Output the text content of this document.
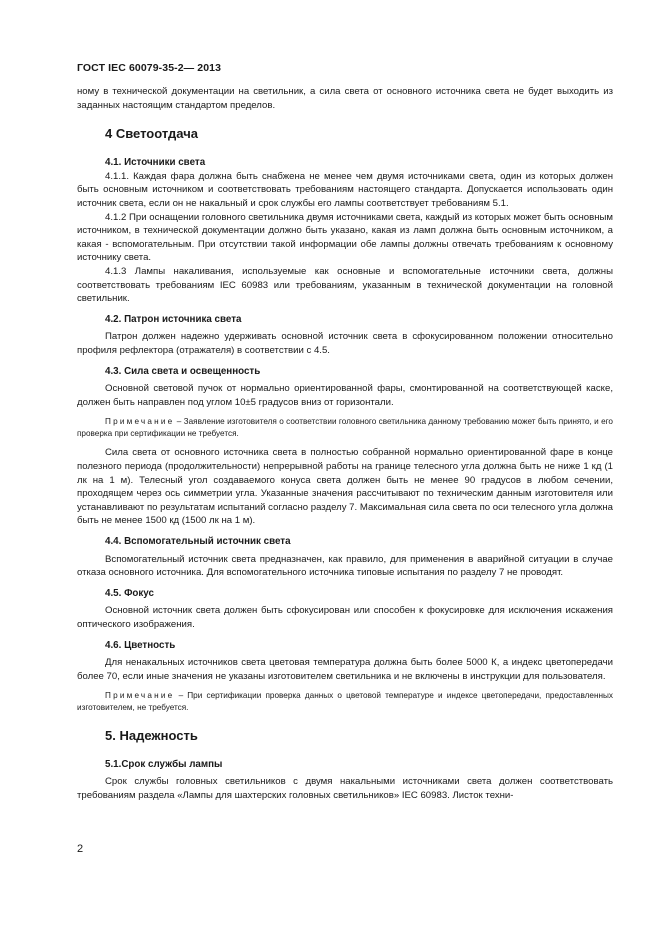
ГОСТ IEC 60079-35-2— 2013

ному в технической документации на светильник, а сила света от основного источника света не будет выходить из заданных настоящим стандартом пределов.

4 Светоотдача
4.1. Источники света

4.1.1. Каждая фара должна быть снабжена не менее чем двумя источниками света, один из которых должен быть основным источником и соответствовать требованиям настоящего стандарта. Допускается использовать один источник света, если он не накальный и срок службы его лампы соответствует требованиям 5.1.

4.1.2 При оснащении головного светильника двумя источниками света, каждый из которых может быть основным источником, в технической документации должно быть указано, какая из ламп должна быть основным источником, а какая - вспомогательным. При отсутствии такой информации обе лампы должны отвечать требованиям к основному источнику света.

4.1.3 Лампы накаливания, используемые как основные и вспомогательные источники света, должны соответствовать требованиям IEC 60983 или требованиям, указанным в технической документации на головной светильник.

4.2. Патрон источника света

Патрон должен надежно удерживать основной источник света в сфокусированном положении относительно профиля рефлектора (отражателя) в соответствии с 4.5.

4.3. Сила света и освещенность

Основной световой пучок от нормально ориентированной фары, смонтированной на соответствующей каске, должен быть направлен под углом 10±5 градусов вниз от горизонтали.

Примечание – Заявление изготовителя о соответствии головного светильника данному требованию может быть принято, и его проверка при сертификации не требуется.

Сила света от основного источника света в полностью собранной нормально ориентированной фаре в конце полезного периода (продолжительности) непрерывной работы на границе телесного угла должна быть не ниже 1 кд (1 лк на 1 м). Телесный угол создаваемого конуса света должен быть не менее 90 градусов в любом сечении, проходящем через ось симметрии угла. Указанные значения рассчитывают по техническим данным изготовителя или устанавливают по результатам испытаний согласно разделу 7. Максимальная сила света по оси телесного угла должна быть не менее 1500 кд (1500 лк на 1 м).

4.4. Вспомогательный источник света

Вспомогательный источник света предназначен, как правило, для применения в аварийной ситуации в случае отказа основного источника. Для вспомогательного источника типовые испытания по разделу 7 не проводят.

4.5. Фокус

Основной источник света должен быть сфокусирован или способен к фокусировке для исключения искажения оптического изображения.

4.6. Цветность

Для ненакальных источников света цветовая температура должна быть более 5000 К, а индекс цветопередачи более 70, если иные значения не указаны изготовителем светильника и не включены в инструкции для пользователя.

Примечание – При сертификации проверка данных о цветовой температуре и индексе цветопередачи, предоставленных изготовителем, не требуется.
5. Надежность
5.1.Срок службы лампы

Срок службы головных светильников с двумя накальными источниками света должен соответствовать требованиям раздела «Лампы для шахтерских головных светильников» IEC 60983. Листок техни-

2
